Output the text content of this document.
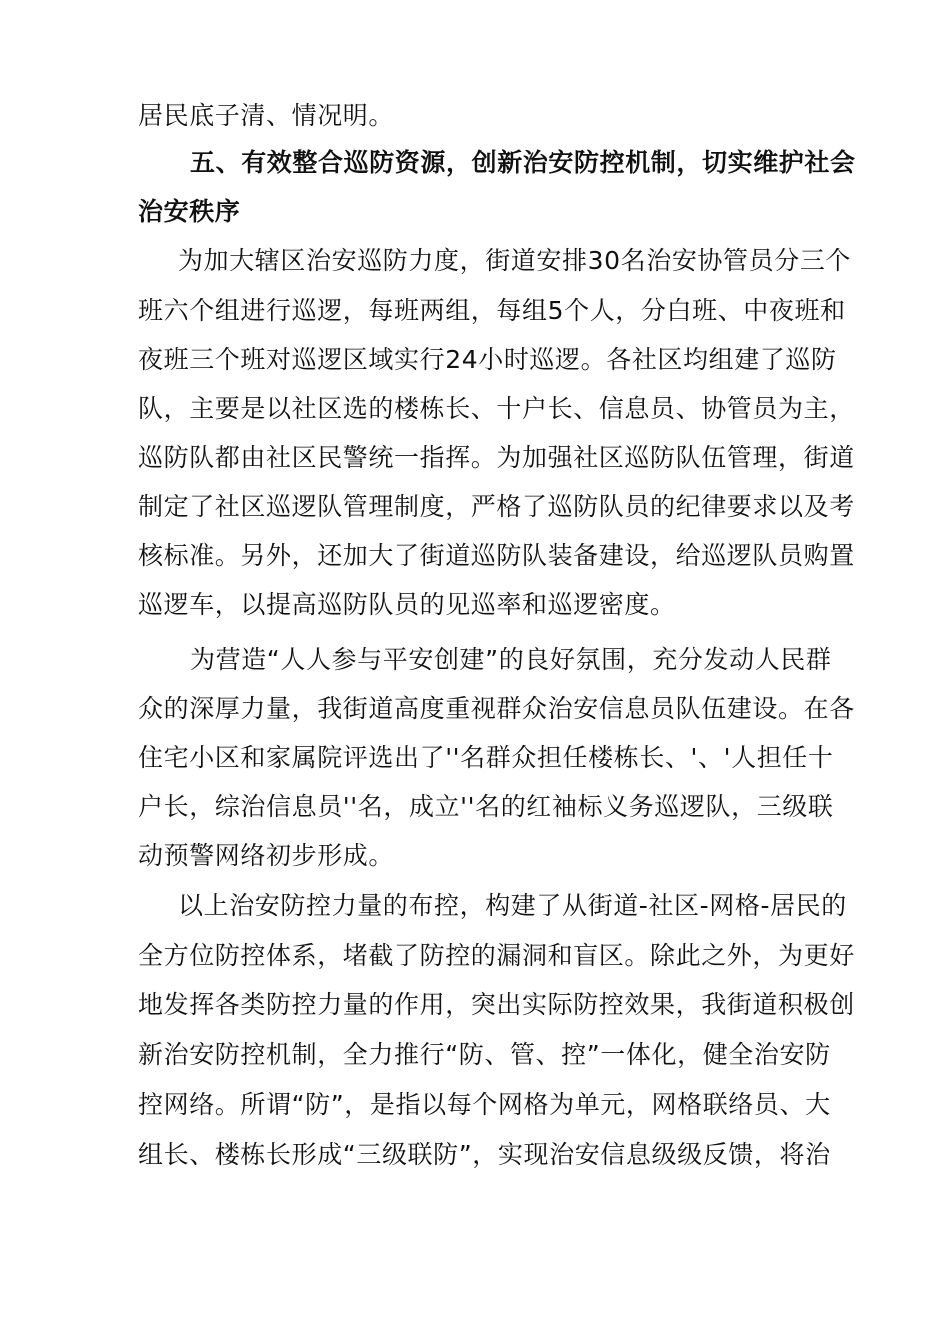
居民底子清、情况明。
五、有效整合巡防资源，创新治安防控机制，切实维护社会
治安秩序
为加大辖区治安巡防力度，街道安排30名治安协管员分三个
班六个组进行巡逻，每班两组，每组5个人，分白班、中夜班和
夜班三个班对巡逻区域实行24小时巡逻。各社区均组建了巡防
队，主要是以社区选的楼栋长、十户长、信息员、协管员为主，
巡防队都由社区民警统一指挥。为加强社区巡防队伍管理，街道
制定了社区巡逻队管理制度，严格了巡防队员的纪律要求以及考
核标准。另外，还加大了街道巡防队装备建设，给巡逻队员购置
巡逻车，以提高巡防队员的见巡率和巡逻密度。
为营造“人人参与平安创建”的良好氛围，充分发动人民群
众的深厚力量，我街道高度重视群众治安信息员队伍建设。在各
住宅小区和家属院评选出了''名群众担任楼栋长、'、'人担任十
户长，综治信息员''名，成立''名的红袖标义务巡逻队，三级联
动预警网络初步形成。
以上治安防控力量的布控，构建了从街道-社区-网格-居民的
全方位防控体系，堵截了防控的漏洞和盲区。除此之外，为更好
地发挥各类防控力量的作用，突出实际防控效果，我街道积极创
新治安防控机制，全力推行“防、管、控”一体化，健全治安防
控网络。所谓“防”，是指以每个网格为单元，网格联络员、大
组长、楼栋长形成“三级联防”，实现治安信息级级反馈，将治
